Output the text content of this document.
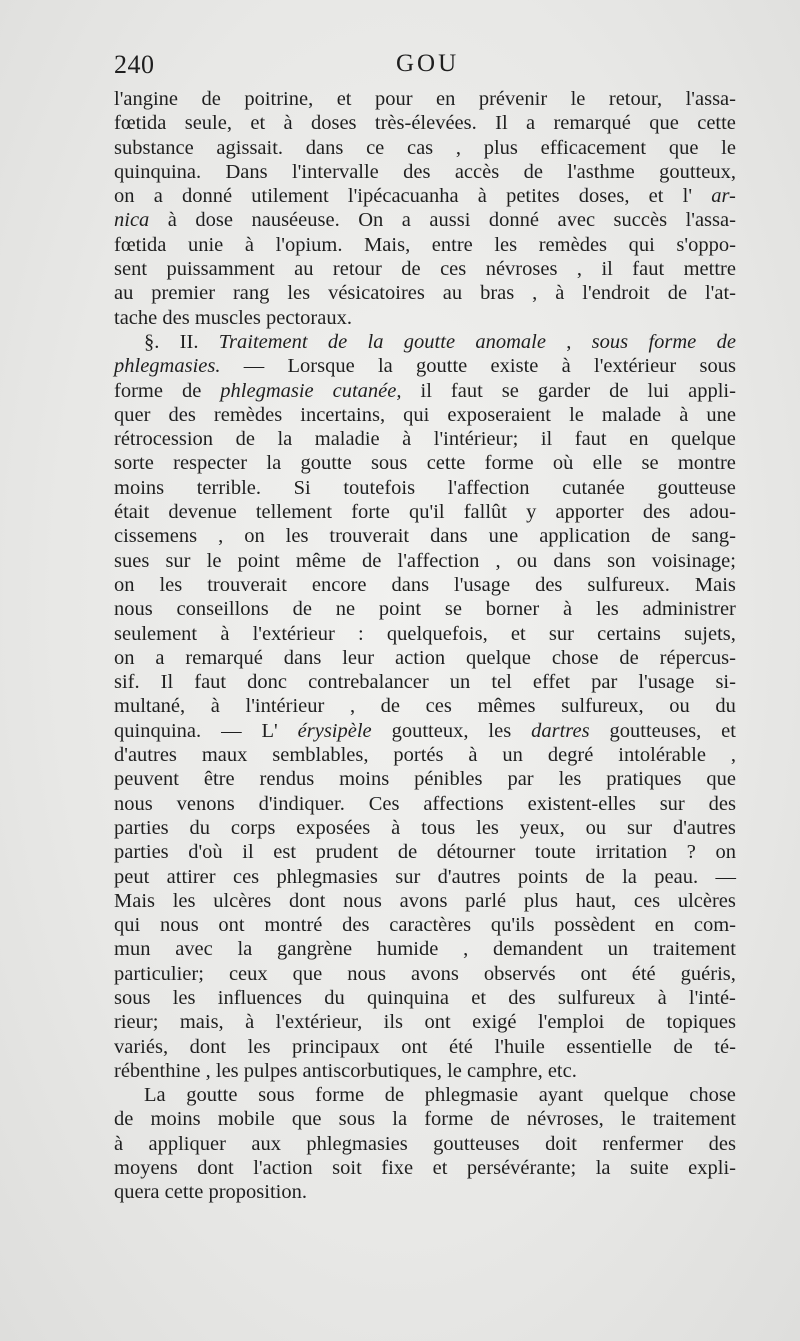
240	GOU
l'angine de poitrine, et pour en prévenir le retour, l'assa-
fœtida seule, et à doses très-élevées. Il a remarqué que cette
substance agissait. dans ce cas , plus efficacement que le
quinquina. Dans l'intervalle des accès de l'asthme goutteux,
on a donné utilement l'ipécacuanha à petites doses, et l' ar-
nica à dose nauséeuse. On a aussi donné avec succès l'assa-
fœtida unie à l'opium. Mais, entre les remèdes qui s'oppo-
sent puissamment au retour de ces névroses , il faut mettre
au premier rang les vésicatoires au bras , à l'endroit de l'at-
tache
des
muscles
pectoraux.
§. II. Traitement de la goutte anomale , sous forme de
phlegmasies. — Lorsque la goutte existe à l'extérieur sous
forme de phlegmasie cutanée, il faut se garder de lui appli-
quer des remèdes incertains, qui exposeraient le malade à une
rétrocession de la maladie à l'intérieur; il faut en quelque
sorte respecter la goutte sous cette forme où elle se montre
moins terrible. Si toutefois l'affection cutanée goutteuse
était devenue tellement forte qu'il fallût y apporter des adou-
cissemens , on les trouverait dans une application de sang-
sues sur le point même de l'affection , ou dans son voisinage;
on les trouverait encore dans l'usage des sulfureux. Mais
nous conseillons de ne point se borner à les administrer
seulement à l'extérieur : quelquefois, et sur certains sujets,
on a remarqué dans leur action quelque chose de répercus-
sif. Il faut donc contrebalancer un tel effet par l'usage si-
multané, à l'intérieur , de ces mêmes sulfureux, ou du
quinquina. — L' érysipèle goutteux, les dartres goutteuses, et
d'autres maux semblables, portés à un degré intolérable ,
peuvent être rendus moins pénibles par les pratiques que
nous venons d'indiquer. Ces affections existent-elles sur des
parties du corps exposées à tous les yeux, ou sur d'autres
parties d'où il est prudent de détourner toute irritation ? on
peut attirer ces phlegmasies sur d'autres points de la peau. —
Mais les ulcères dont nous avons parlé plus haut, ces ulcères
qui nous ont montré des caractères qu'ils possèdent en com-
mun avec la gangrène humide , demandent un traitement
particulier; ceux que nous avons observés ont été guéris,
sous les influences du quinquina et des sulfureux à l'inté-
rieur; mais, à l'extérieur, ils ont exigé l'emploi de topiques
variés, dont les principaux ont été l'huile essentielle de té-
rébenthine
,
les
pulpes
antiscorbutiques,
le
camphre,
etc.
La goutte sous forme de phlegmasie ayant quelque chose
de moins mobile que sous la forme de névroses, le traitement
à appliquer aux phlegmasies goutteuses doit renfermer des
moyens dont l'action soit fixe et persévérante; la suite expli-
quera
cette
proposition.
